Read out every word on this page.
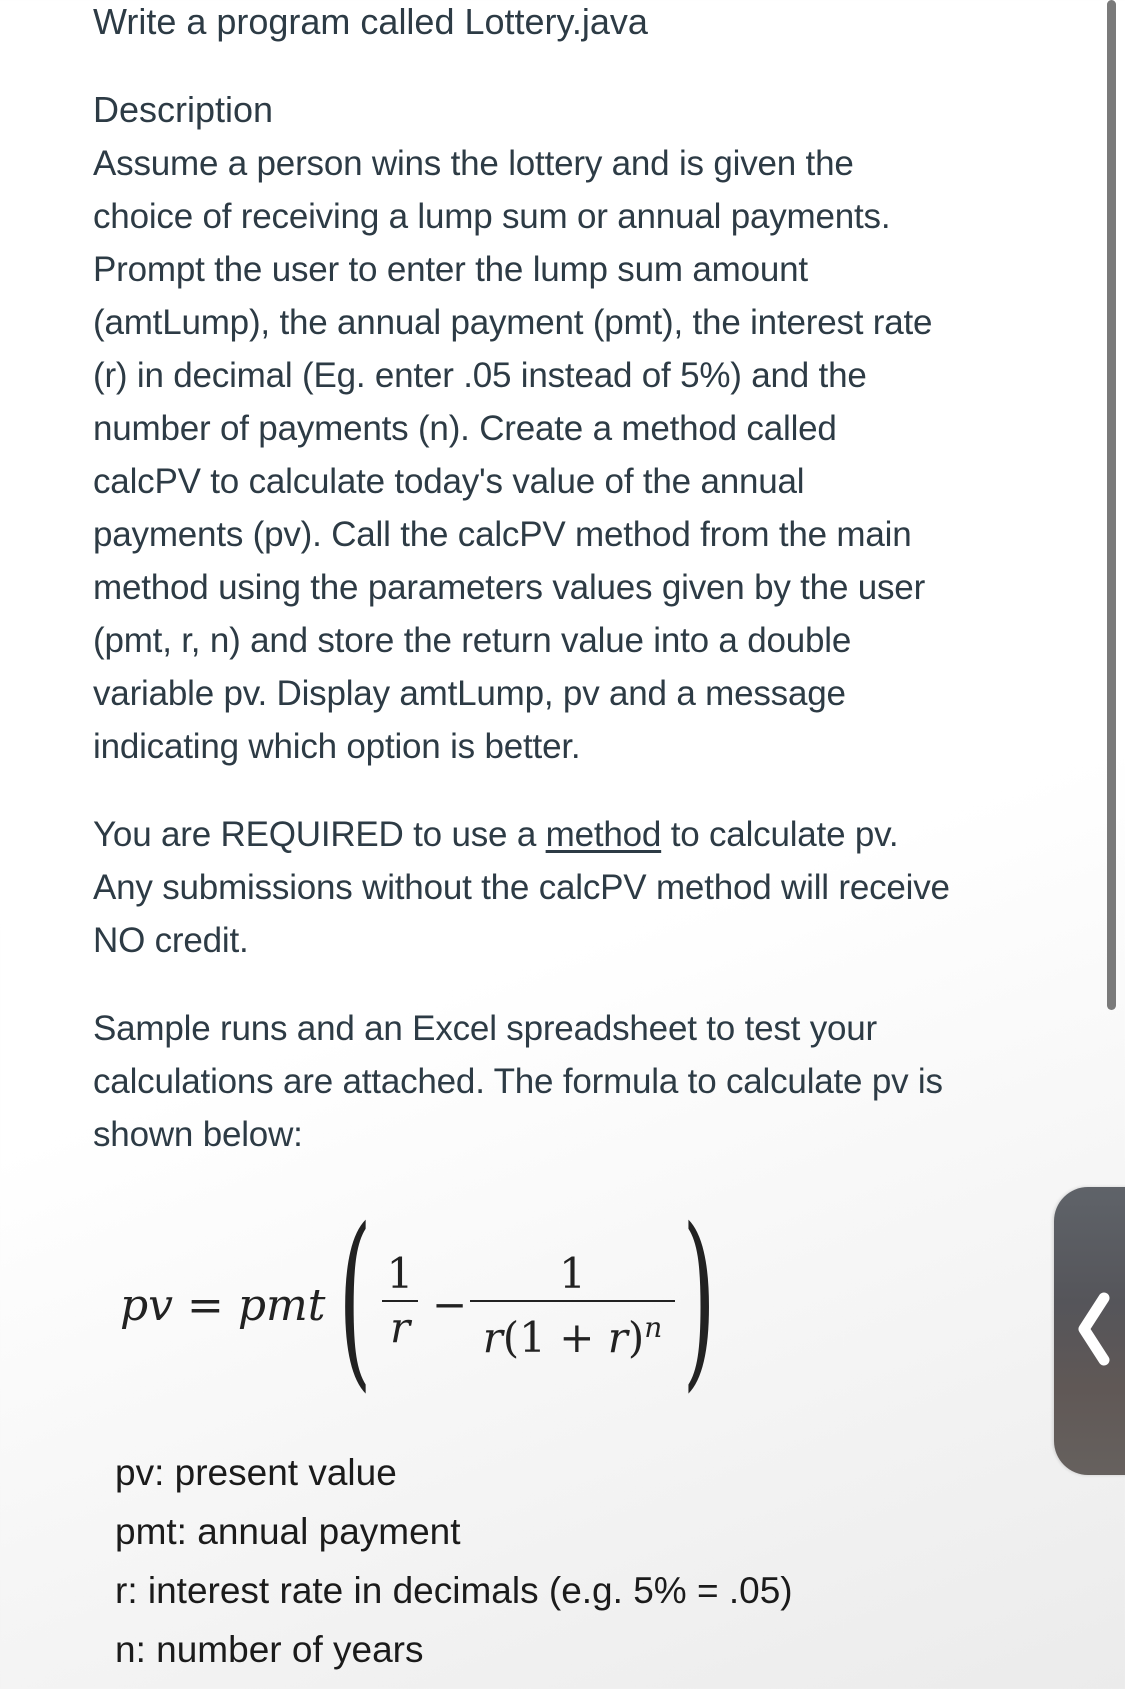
Write a program called Lottery.java
Description
Assume a person wins the lottery and is given the choice of receiving a lump sum or annual payments. Prompt the user to enter the lump sum amount (amtLump), the annual payment (pmt), the interest rate (r) in decimal (Eg. enter .05 instead of 5%) and the number of payments (n). Create a method called calcPV to calculate today's value of the annual payments (pv). Call the calcPV method from the main method using the parameters values given by the user (pmt, r, n) and store the return value into a double variable pv. Display amtLump, pv and a message indicating which option is better.
You are REQUIRED to use a method to calculate pv. Any submissions without the calcPV method will receive NO credit.
Sample runs and an Excel spreadsheet to test your calculations are attached. The formula to calculate pv is shown below:
pv = pmt ( 1
r −
1
$r(1 + r)^n$ )
pv: present value
pmt: annual payment
r: interest rate in decimals (e.g. 5% = .05)
n: number of years
